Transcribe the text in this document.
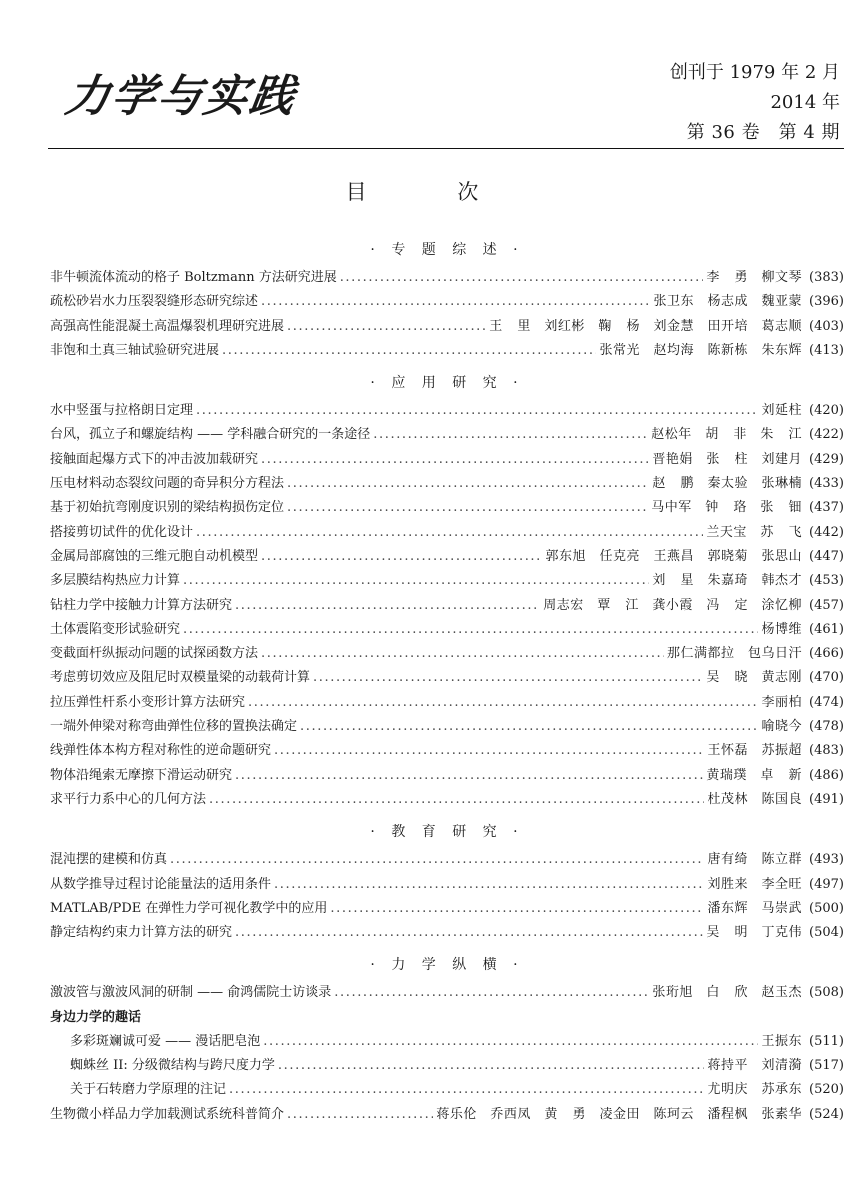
力学与实践	创刊于 1979 年 2 月
2014 年
第 36 卷　第 4 期
目 次
· 专 题 综 述 ·
非牛顿流体流动的格子 Boltzmann 方法研究进展 .....	李 勇　柳文琴 (383)
疏松砂岩水力压裂裂缝形态研究综述 .....	张卫东　杨志成　魏亚蒙 (396)
高强高性能混凝土高温爆裂机理研究进展 .....	王 里　刘红彬　鞠 杨　刘金慧　田开培　葛志顺 (403)
非饱和土真三轴试验研究进展 .....	张常光　赵均海　陈新栋　朱东辉 (413)
· 应 用 研 究 ·
水中竖蛋与拉格朗日定理 .....	刘延柱 (420)
台风，孤立子和螺旋结构 —— 学科融合研究的一条途径 .....	赵松年　胡 非　朱 江 (422)
接触面起爆方式下的冲击波加载研究 .....	晋艳娟　张 柱　刘建月 (429)
压电材料动态裂纹问题的奇异积分方程法 .....	赵 鹏　秦太验　张琳楠 (433)
基于初始抗弯刚度识别的梁结构损伤定位 .....	马中军　钟 珞　张 钿 (437)
搭接剪切试件的优化设计 .....	兰天宝　苏 飞 (442)
金属局部腐蚀的三维元胞自动机模型 .....	郭东旭　任克亮　王燕昌　郭晓菊　张思山 (447)
多层膜结构热应力计算 .....	刘 星　朱嘉琦　韩杰才 (453)
钻柱力学中接触力计算方法研究 .....	周志宏　覃 江　龚小霞　冯 定　涂忆柳 (457)
土体震陷变形试验研究 .....	杨博维 (461)
变截面杆纵振动问题的试探函数方法 .....	那仁满都拉　包乌日汗 (466)
考虑剪切效应及阻尼时双模量梁的动载荷计算 .....	吴 晓　黄志刚 (470)
拉压弹性杆系小变形计算方法研究 .....	李丽柏 (474)
一端外伸梁对称弯曲弹性位移的置换法确定 .....	喻晓今 (478)
线弹性体本构方程对称性的逆命题研究 .....	王怀磊　苏振超 (483)
物体沿绳索无摩擦下滑运动研究 .....	黄瑞璞　卓 新 (486)
求平行力系中心的几何方法 .....	杜茂林　陈国良 (491)
· 教 育 研 究 ·
混沌摆的建模和仿真 .....	唐有绮　陈立群 (493)
从数学推导过程讨论能量法的适用条件 .....	刘胜来　李全旺 (497)
MATLAB/PDE 在弹性力学可视化教学中的应用 .....	潘东辉　马崇武 (500)
静定结构约束力计算方法的研究 .....	吴 明　丁克伟 (504)
· 力 学 纵 横 ·
激波管与激波风洞的研制 —— 俞鸿儒院士访谈录 .....	张珩旭　白 欣　赵玉杰 (508)
身边力学的趣话
多彩斑斓诚可爱 —— 漫话肥皂泡 .....	王振东 (511)
蜘蛛丝 II: 分级微结构与跨尺度力学 .....	蒋持平　刘清漪 (517)
关于石转磨力学原理的注记 .....	尤明庆　苏承东 (520)
生物微小样品力学加载测试系统科普简介 .....	蒋乐伦　乔西凤　黄 勇　凌金田　陈珂云　潘程枫　张素华 (524)
